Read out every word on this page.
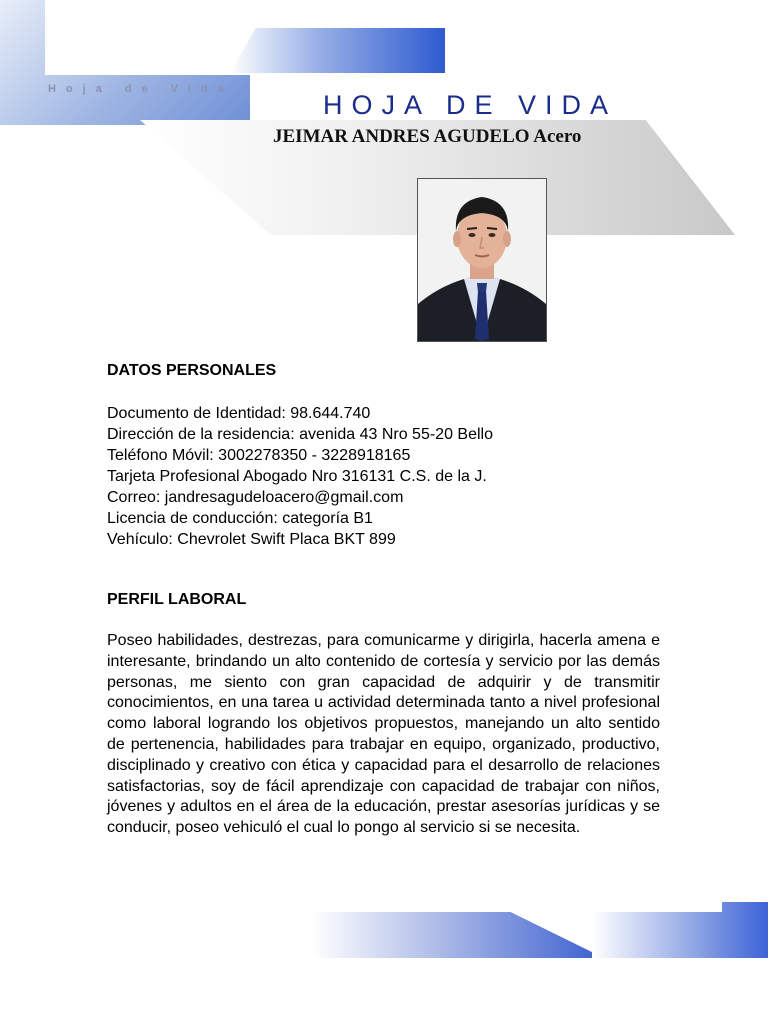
Hoja de Vida
HOJA DE VIDA
JEIMAR ANDRES AGUDELO Acero
DATOS PERSONALES
Documento de Identidad: 98.644.740
Dirección de la residencia: avenida 43 Nro 55-20 Bello
Teléfono Móvil: 3002278350 - 3228918165
Tarjeta Profesional Abogado Nro 316131 C.S. de la J.
Correo: jandresagudeloacero@gmail.com
Licencia de conducción: categoría B1
Vehículo: Chevrolet Swift Placa BKT 899
PERFIL LABORAL
Poseo habilidades, destrezas, para comunicarme y dirigirla, hacerla amena e interesante, brindando un alto contenido de cortesía y servicio por las demás personas, me siento con gran capacidad de adquirir y de transmitir conocimientos, en una tarea u actividad determinada tanto a nivel profesional como laboral logrando los objetivos propuestos, manejando un alto sentido de pertenencia, habilidades para trabajar en equipo, organizado, productivo, disciplinado y creativo con ética y capacidad para el desarrollo de relaciones satisfactorias, soy de fácil aprendizaje con capacidad de trabajar con niños, jóvenes y adultos en el área de la educación, prestar asesorías jurídicas y se conducir, poseo vehiculó el cual lo pongo al servicio si se necesita.
